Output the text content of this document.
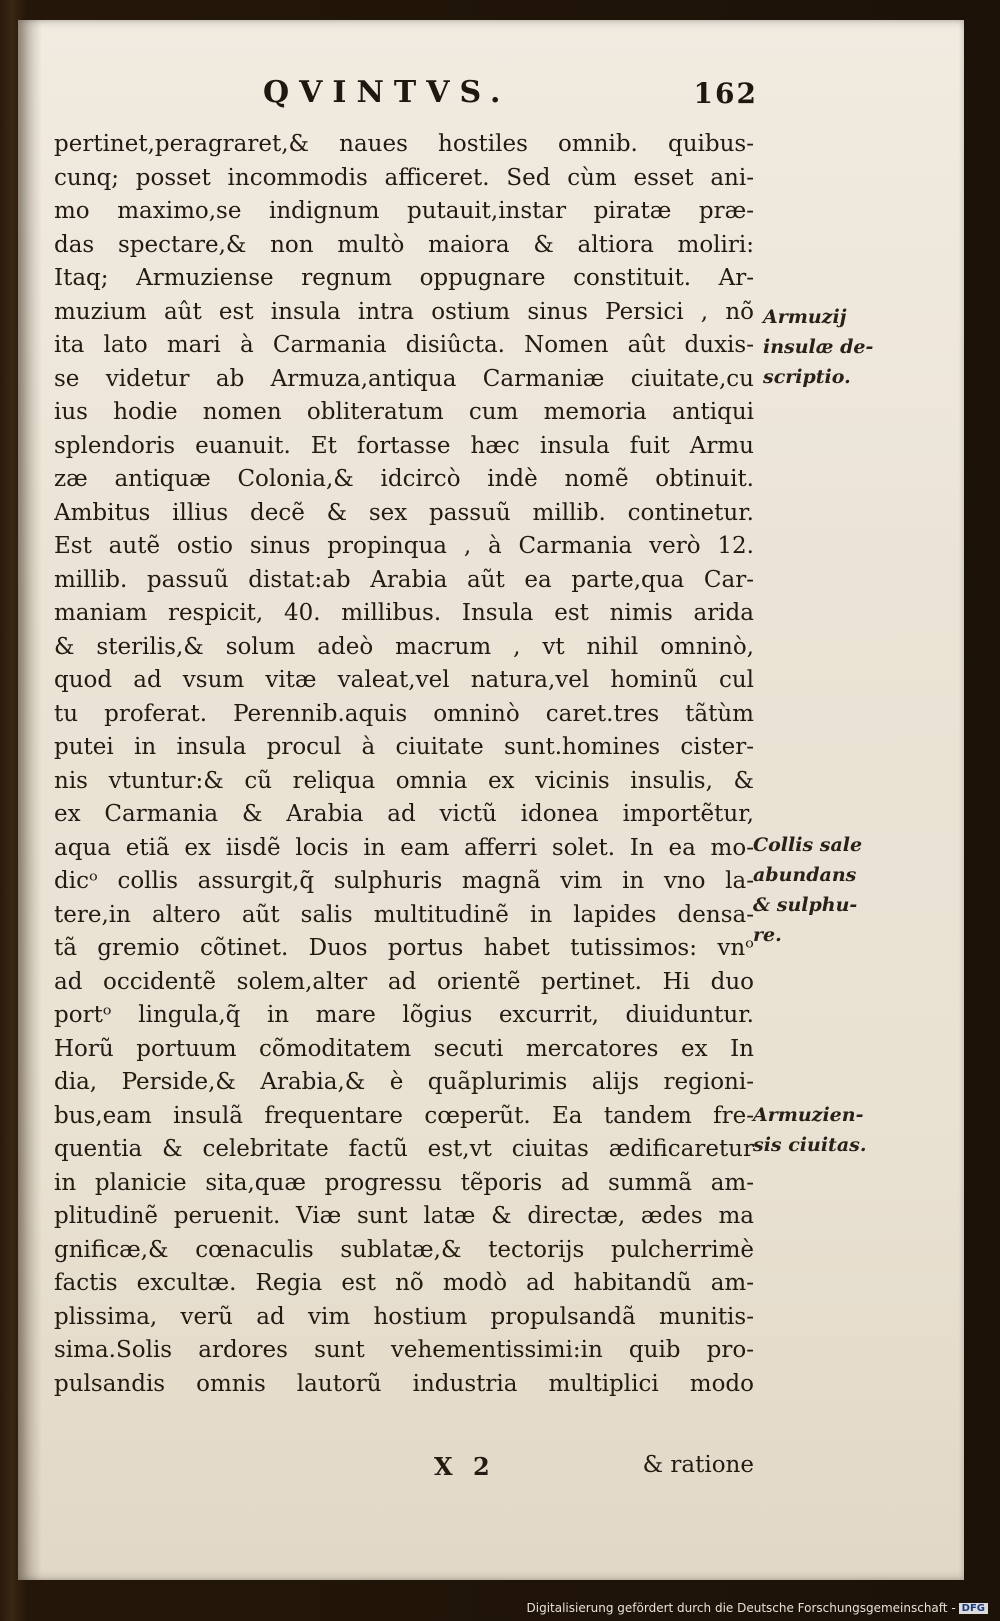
QVINTVS.	162
pertinet,peragraret,& naues hostiles omnib. quibus-
cunq; posset incommodis afficeret. Sed cùm esset ani-
mo maximo,se indignum putauit,instar piratæ præ-
das spectare,& non multò maiora & altiora moliri:
Itaq; Armuziense regnum oppugnare constituit. Ar-
muzium aût est insula intra ostium sinus Persici , nõ
ita lato mari à Carmania disiûcta. Nomen aût duxis-
se videtur ab Armuza,antiqua Carmaniæ ciuitate,cu
ius hodie nomen obliteratum cum memoria antiqui
splendoris euanuit. Et fortasse hæc insula fuit Armu
zæ antiquæ Colonia,& idcircò indè nomẽ obtinuit.
Ambitus illius decẽ & sex passuũ millib. continetur.
Est autẽ ostio sinus propinqua , à Carmania verò 12.
millib. passuũ distat:ab Arabia aũt ea parte,qua Car-
maniam respicit, 40. millibus. Insula est nimis arida
& sterilis,& solum adeò macrum , vt nihil omninò,
quod ad vsum vitæ valeat,vel natura,vel hominũ cul
tu proferat. Perennib.aquis omninò caret.tres tãtùm
putei in insula procul à ciuitate sunt.homines cister-
nis vtuntur:& cũ reliqua omnia ex vicinis insulis, &
ex Carmania & Arabia ad victũ idonea importẽtur,
aqua etiã ex iisdẽ locis in eam afferri solet. In ea mo-
dicᵒ collis assurgit,q̃ sulphuris magnã vim in vno la-
tere,in altero aũt salis multitudinẽ in lapides densa-
tã gremio cõtinet. Duos portus habet tutissimos: vnᵒ
ad occidentẽ solem,alter ad orientẽ pertinet. Hi duo
portᵒ lingula,q̃ in mare lõgius excurrit, diuiduntur.
Horũ portuum cõmoditatem secuti mercatores ex In
dia, Perside,& Arabia,& è quãplurimis alijs regioni-
bus,eam insulã frequentare cœperũt. Ea tandem fre-
quentia & celebritate factũ est,vt ciuitas ædificaretur
in planicie sita,quæ progressu tẽporis ad summã am-
plitudinẽ peruenit. Viæ sunt latæ & directæ, ædes ma
gnificæ,& cœnaculis sublatæ,& tectorijs pulcherrimè
factis excultæ. Regia est nõ modò ad habitandũ am-
plissima, verũ ad vim hostium propulsandã munitis-
sima.Solis ardores sunt vehementissimi:in quib pro-
pulsandis omnis lautorũ industria multiplici modo
Armuzij
insulæ de-
scriptio.
Collis sale
abundans
& sulphu-
re.
Armuzien-
sis ciuitas.
X 2	& ratione
Digitalisierung gefördert durch die Deutsche Forschungsgemeinschaft - DFG
